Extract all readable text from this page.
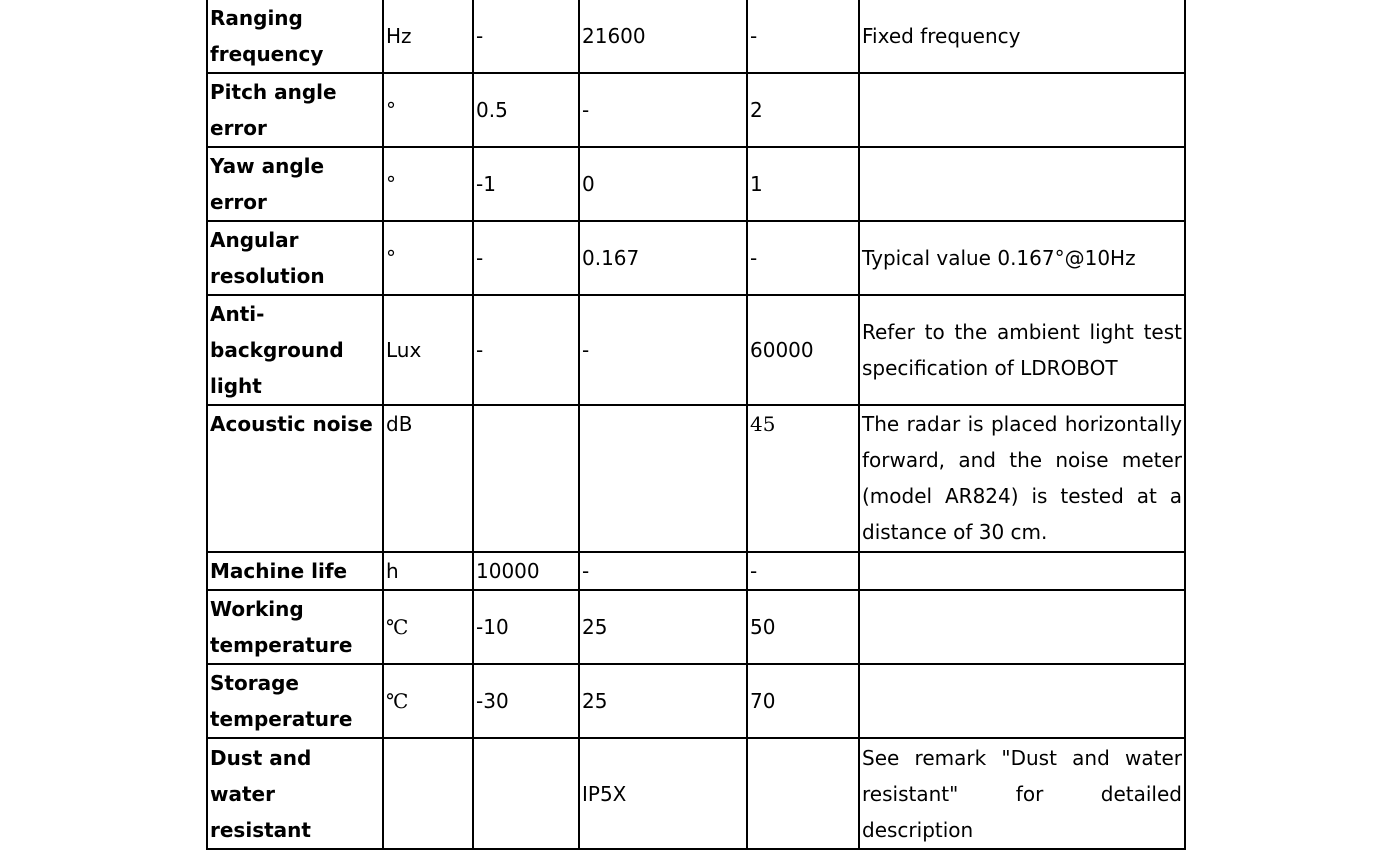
Ranging frequency	Hz	-	21600	-	Fixed frequency
Pitch angle error	°	0.5	-	2	
Yaw angle error	°	-1	0	1	
Angular resolution	°	-	0.167	-	Typical value 0.167°@10Hz
Anti-background light	Lux	-	-	60000	Refer to the ambient light test specification of LDROBOT
Acoustic noise	dB			45	The radar is placed horizontally forward, and the noise meter (model AR824) is tested at a distance of 30 cm.
Machine life	h	10000	-	-	
Working temperature	℃	-10	25	50	
Storage temperature	℃	-30	25	70	
Dust and water resistant			IP5X		See remark "Dust and water resistant" for detailed description
